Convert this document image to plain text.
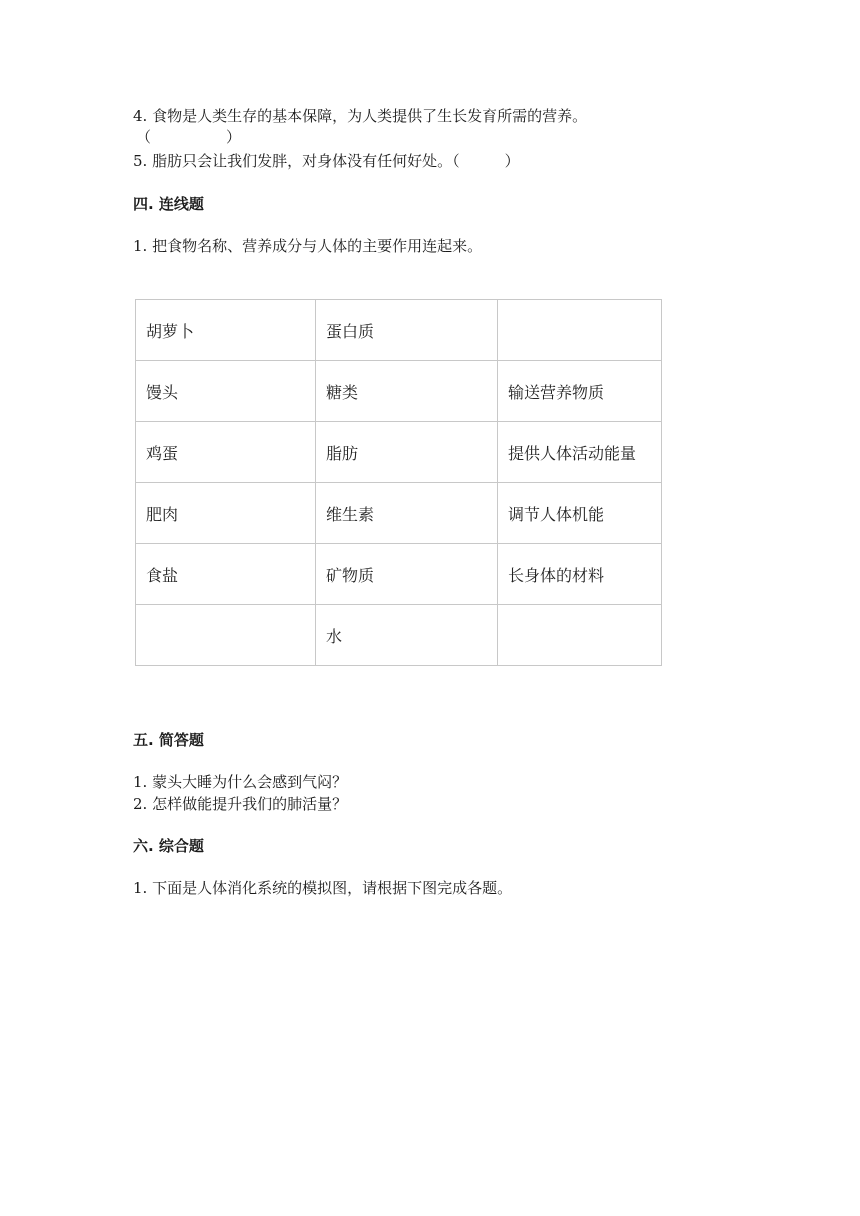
4. 食物是人类生存的基本保障，为人类提供了生长发育所需的营养。
（　　　　　）
5. 脂肪只会让我们发胖，对身体没有任何好处。（　　　）
四. 连线题
1. 把食物名称、营养成分与人体的主要作用连起来。
胡萝卜	蛋白质	
馒头	糖类	输送营养物质
鸡蛋	脂肪	提供人体活动能量
肥肉	维生素	调节人体机能
食盐	矿物质	长身体的材料
	水	
五. 简答题
1. 蒙头大睡为什么会感到气闷？
2. 怎样做能提升我们的肺活量？
六. 综合题
1. 下面是人体消化系统的模拟图，请根据下图完成各题。
